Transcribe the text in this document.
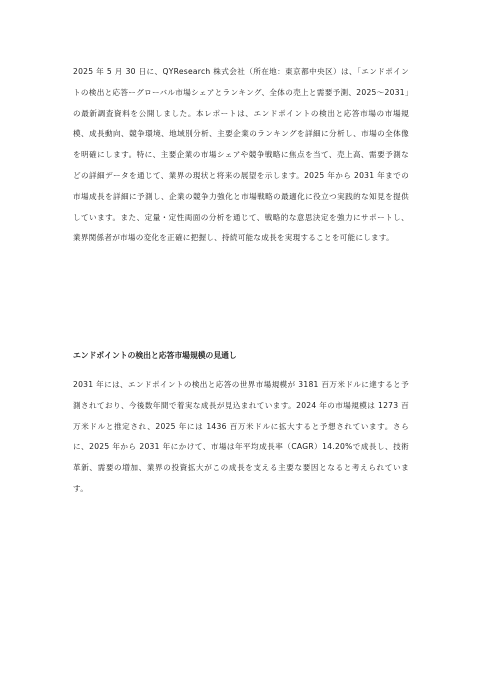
2025 年 5 月 30 日に、QYResearch 株式会社（所在地：東京都中央区）は、「エンドポイントの検出と応答ーグローバル市場シェアとランキング、全体の売上と需要予測、2025～2031」の最新調査資料を公開しました。本レポートは、エンドポイントの検出と応答市場の市場規模、成長動向、競争環境、地域別分析、主要企業のランキングを詳細に分析し、市場の全体像を明確にします。特に、主要企業の市場シェアや競争戦略に焦点を当て、売上高、需要予測などの詳細データを通じて、業界の現状と将来の展望を示します。2025 年から 2031 年までの市場成長を詳細に予測し、企業の競争力強化と市場戦略の最適化に役立つ実践的な知見を提供しています。また、定量・定性両面の分析を通じて、戦略的な意思決定を強力にサポートし、業界関係者が市場の変化を正確に把握し、持続可能な成長を実現することを可能にします。

エンドポイントの検出と応答市場規模の見通し

2031 年には、エンドポイントの検出と応答の世界市場規模が 3181 百万米ドルに達すると予測されており、今後数年間で着実な成長が見込まれています。2024 年の市場規模は 1273 百万米ドルと推定され、2025 年には 1436 百万米ドルに拡大すると予想されています。さらに、2025 年から 2031 年にかけて、市場は年平均成長率（CAGR）14.20%で成長し、技術革新、需要の増加、業界の投資拡大がこの成長を支える主要な要因となると考えられています。
